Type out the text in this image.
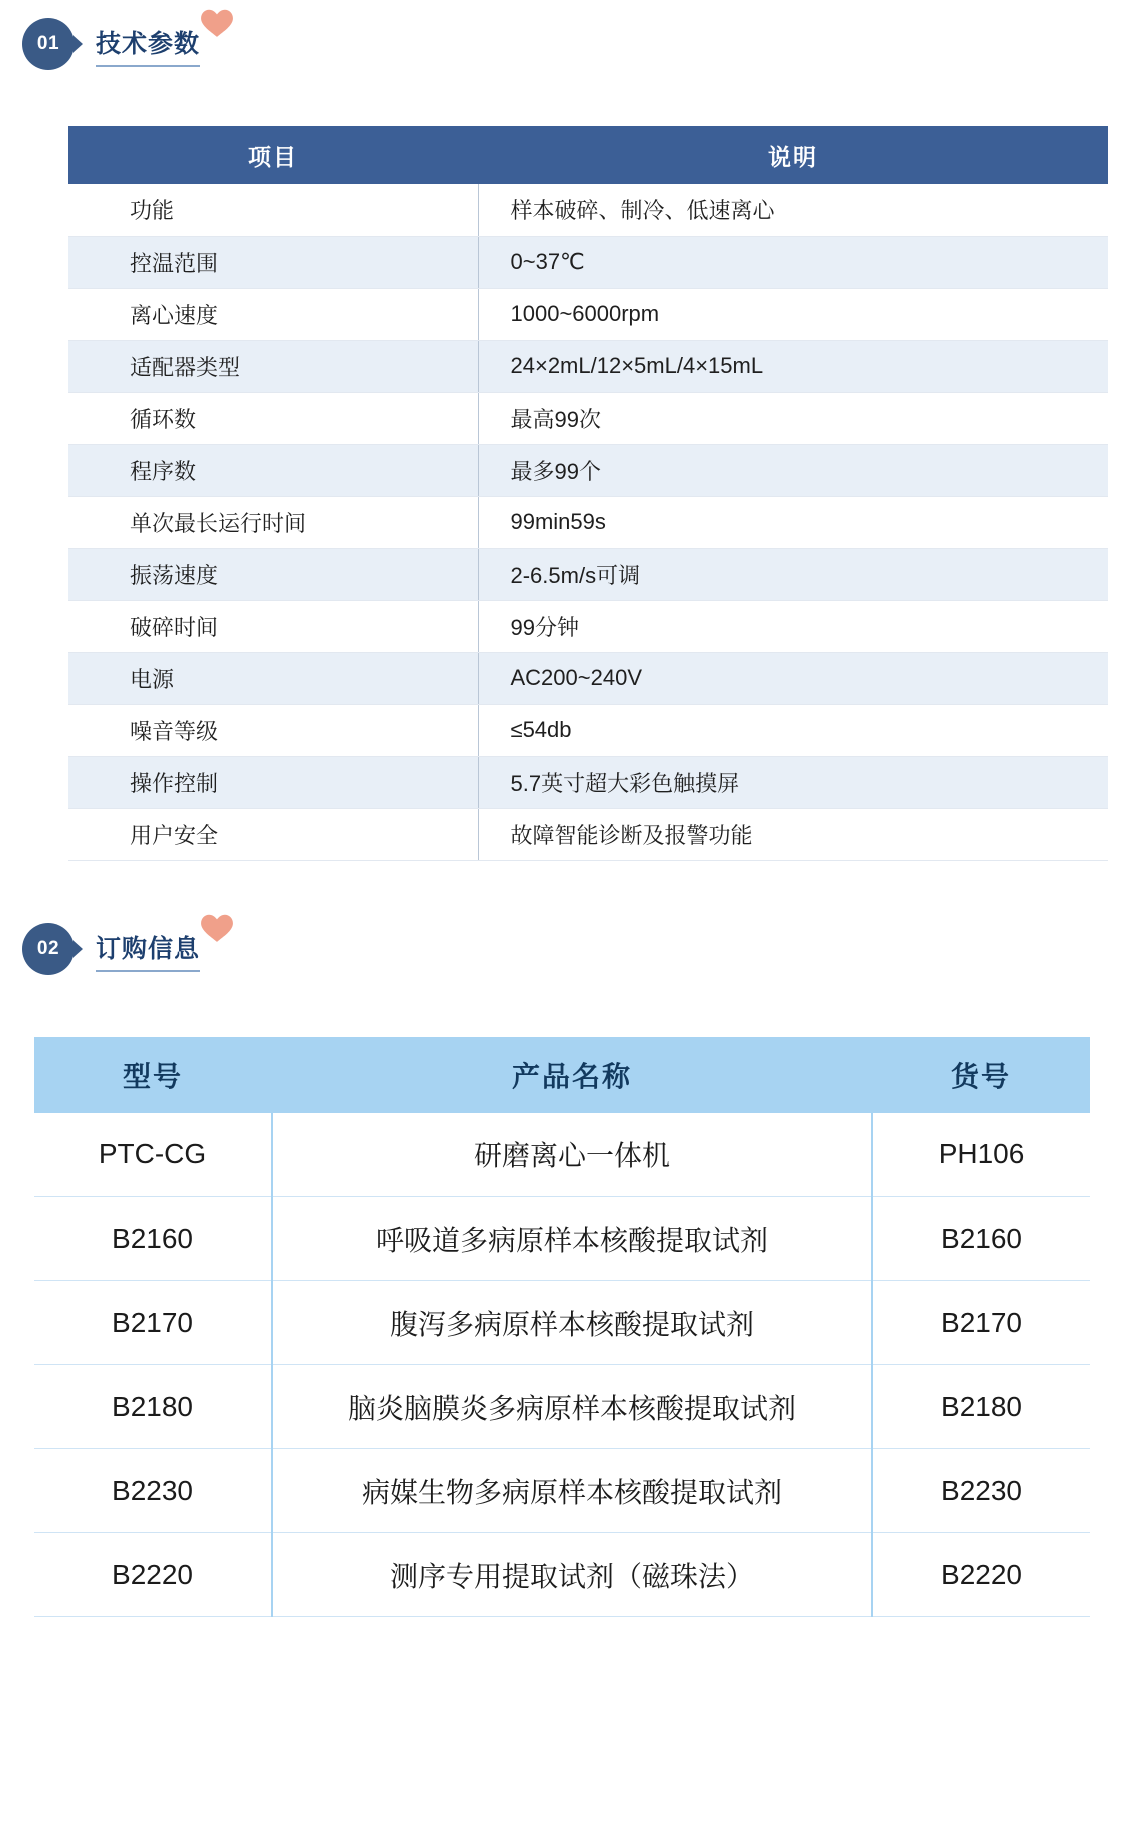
01 技术参数
项目	说明
功能	样本破碎、制冷、低速离心
控温范围	0~37℃
离心速度	1000~6000rpm
适配器类型	24×2mL/12×5mL/4×15mL
循环数	最高99次
程序数	最多99个
单次最长运行时间	99min59s
振荡速度	2-6.5m/s可调
破碎时间	99分钟
电源	AC200~240V
噪音等级	≤54db
操作控制	5.7英寸超大彩色触摸屏
用户安全	故障智能诊断及报警功能
02 订购信息
型号	产品名称	货号
PTC-CG	研磨离心一体机	PH106
B2160	呼吸道多病原样本核酸提取试剂	B2160
B2170	腹泻多病原样本核酸提取试剂	B2170
B2180	脑炎脑膜炎多病原样本核酸提取试剂	B2180
B2230	病媒生物多病原样本核酸提取试剂	B2230
B2220	测序专用提取试剂（磁珠法）	B2220
